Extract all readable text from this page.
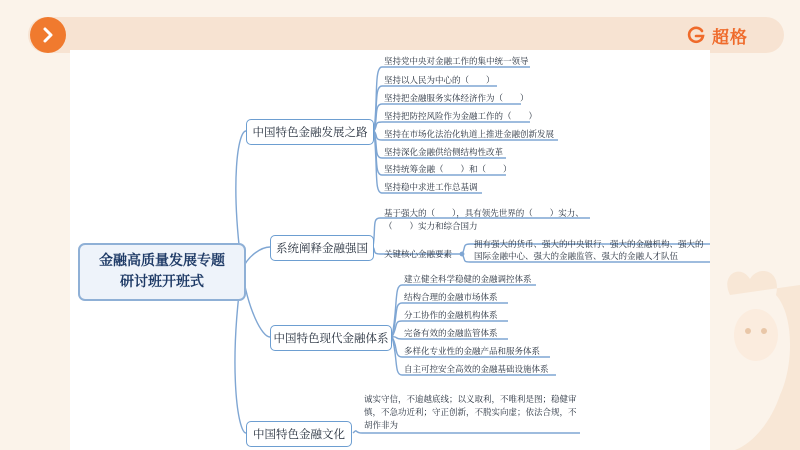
超格
金融高质量发展专题
研讨班开班式
中国特色金融发展之路
坚持党中央对金融工作的集中统一领导
坚持以人民为中心的（　　）
坚持把金融服务实体经济作为（　　）
坚持把防控风险作为金融工作的（　　）
坚持在市场化法治化轨道上推进金融创新发展
坚持深化金融供给侧结构性改革
坚持统筹金融（　　）和（　　）
坚持稳中求进工作总基调
系统阐释金融强国
基于强大的（　　），具有领先世界的（　　）实力、
（　　）实力和综合国力
关键核心金融要素
拥有强大的货币、强大的中央银行、强大的金融机构、强大的
国际金融中心、强大的金融监管、强大的金融人才队伍
中国特色现代金融体系
建立健全科学稳健的金融调控体系
结构合理的金融市场体系
分工协作的金融机构体系
完备有效的金融监管体系
多样化专业性的金融产品和服务体系
自主可控安全高效的金融基础设施体系
中国特色金融文化
诚实守信，不逾越底线；以义取利，不唯利是图；稳健审
慎，不急功近利；守正创新，不脱实向虚；依法合规，不
胡作非为
